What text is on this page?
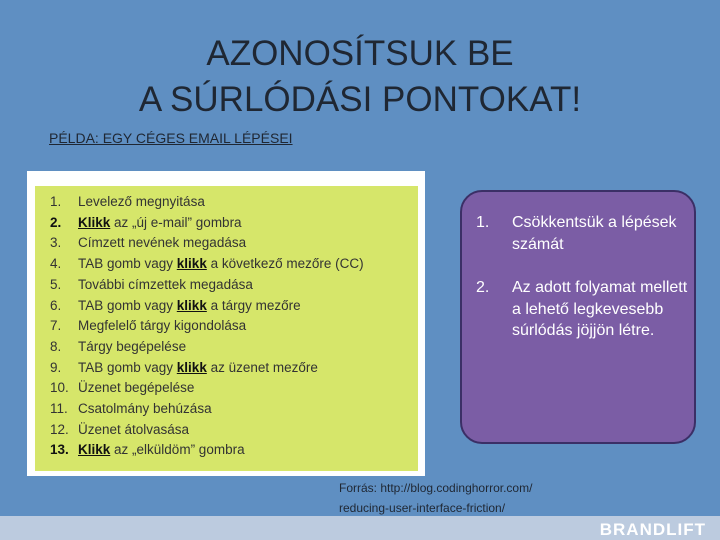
AZONOSÍTSUK BE
A SÚRLÓDÁSI PONTOKAT!
PÉLDA: EGY CÉGES EMAIL LÉPÉSEI
1. Levelező megnyitása
2. Klikk az „új e-mail” gombra
3. Címzett nevének megadása
4. TAB gomb vagy klikk a következő mezőre (CC)
5. További címzettek megadása
6. TAB gomb vagy klikk a tárgy mezőre
7. Megfelelő tárgy kigondolása
8. Tárgy begépelése
9. TAB gomb vagy klikk az üzenet mezőre
10. Üzenet begépelése
11. Csatolmány behúzása
12. Üzenet átolvasása
13. Klikk az „elküldöm” gombra
1. Csökkentsük a lépések számát
2. Az adott folyamat mellett a lehető legkevesebb súrlódás jöjjön létre.
Forrás: http://blog.codinghorror.com/
reducing-user-interface-friction/
BRANDLIFT
